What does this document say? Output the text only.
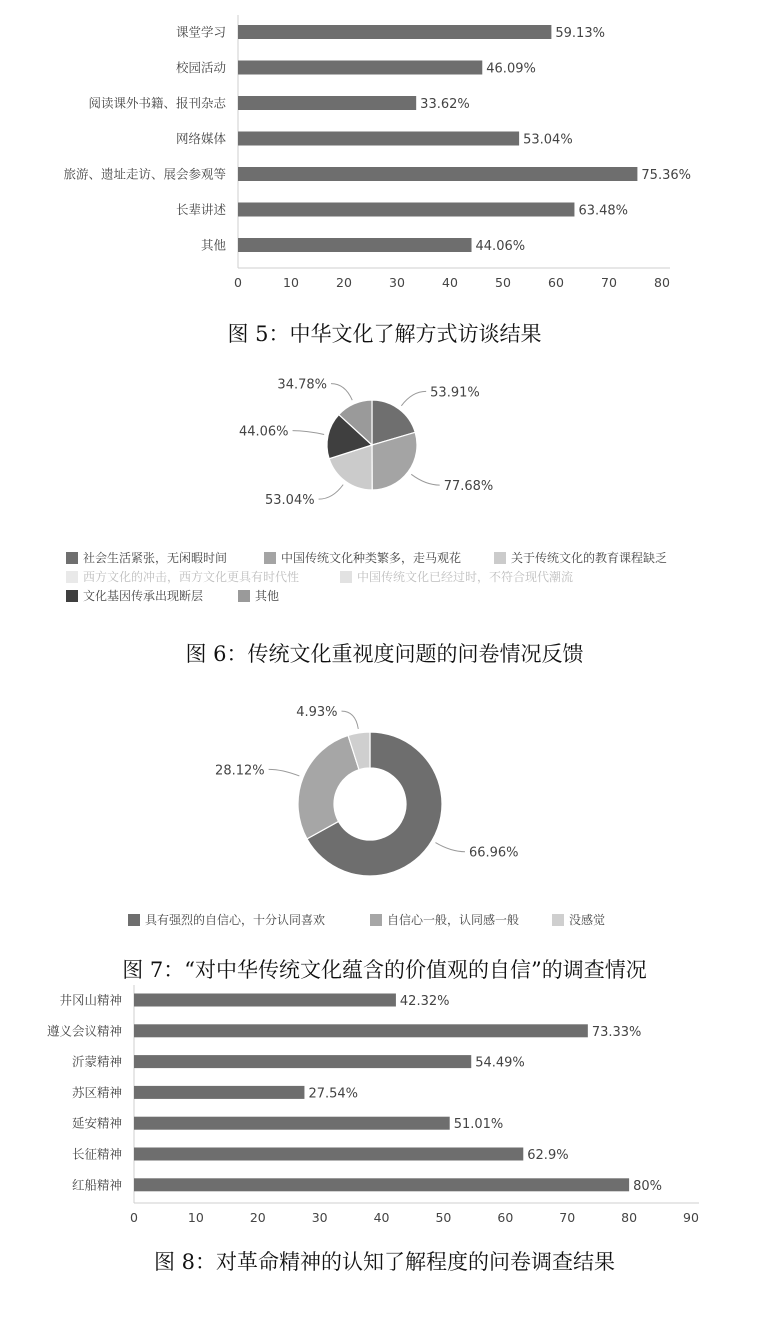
0	10	20	30	40	50	60	70	80
课堂学习	59.13%
校园活动	46.09%
阅读课外书籍、报刊杂志	33.62%
网络媒体	53.04%
旅游、遗址走访、展会参观等	75.36%
长辈讲述	63.48%
其他	44.06%
图 5：中华文化了解方式访谈结果
53.91%
77.68%
53.04%
44.06%
34.78%
社会生活紧张，无闲暇时间	中国传统文化种类繁多，走马观花	关于传统文化的教育课程缺乏
西方文化的冲击，西方文化更具有时代性	中国传统文化已经过时，不符合现代潮流
文化基因传承出现断层	其他
图 6：传统文化重视度问题的问卷情况反馈
66.96%
28.12%
4.93%
具有强烈的自信心，十分认同喜欢	自信心一般，认同感一般	没感觉
图 7：“对中华传统文化蕴含的价值观的自信”的调查情况
0	10	20	30	40	50	60	70	80	90
井冈山精神	42.32%
遵义会议精神	73.33%
沂蒙精神	54.49%
苏区精神	27.54%
延安精神	51.01%
长征精神	62.9%
红船精神	80%
图 8：对革命精神的认知了解程度的问卷调查结果
